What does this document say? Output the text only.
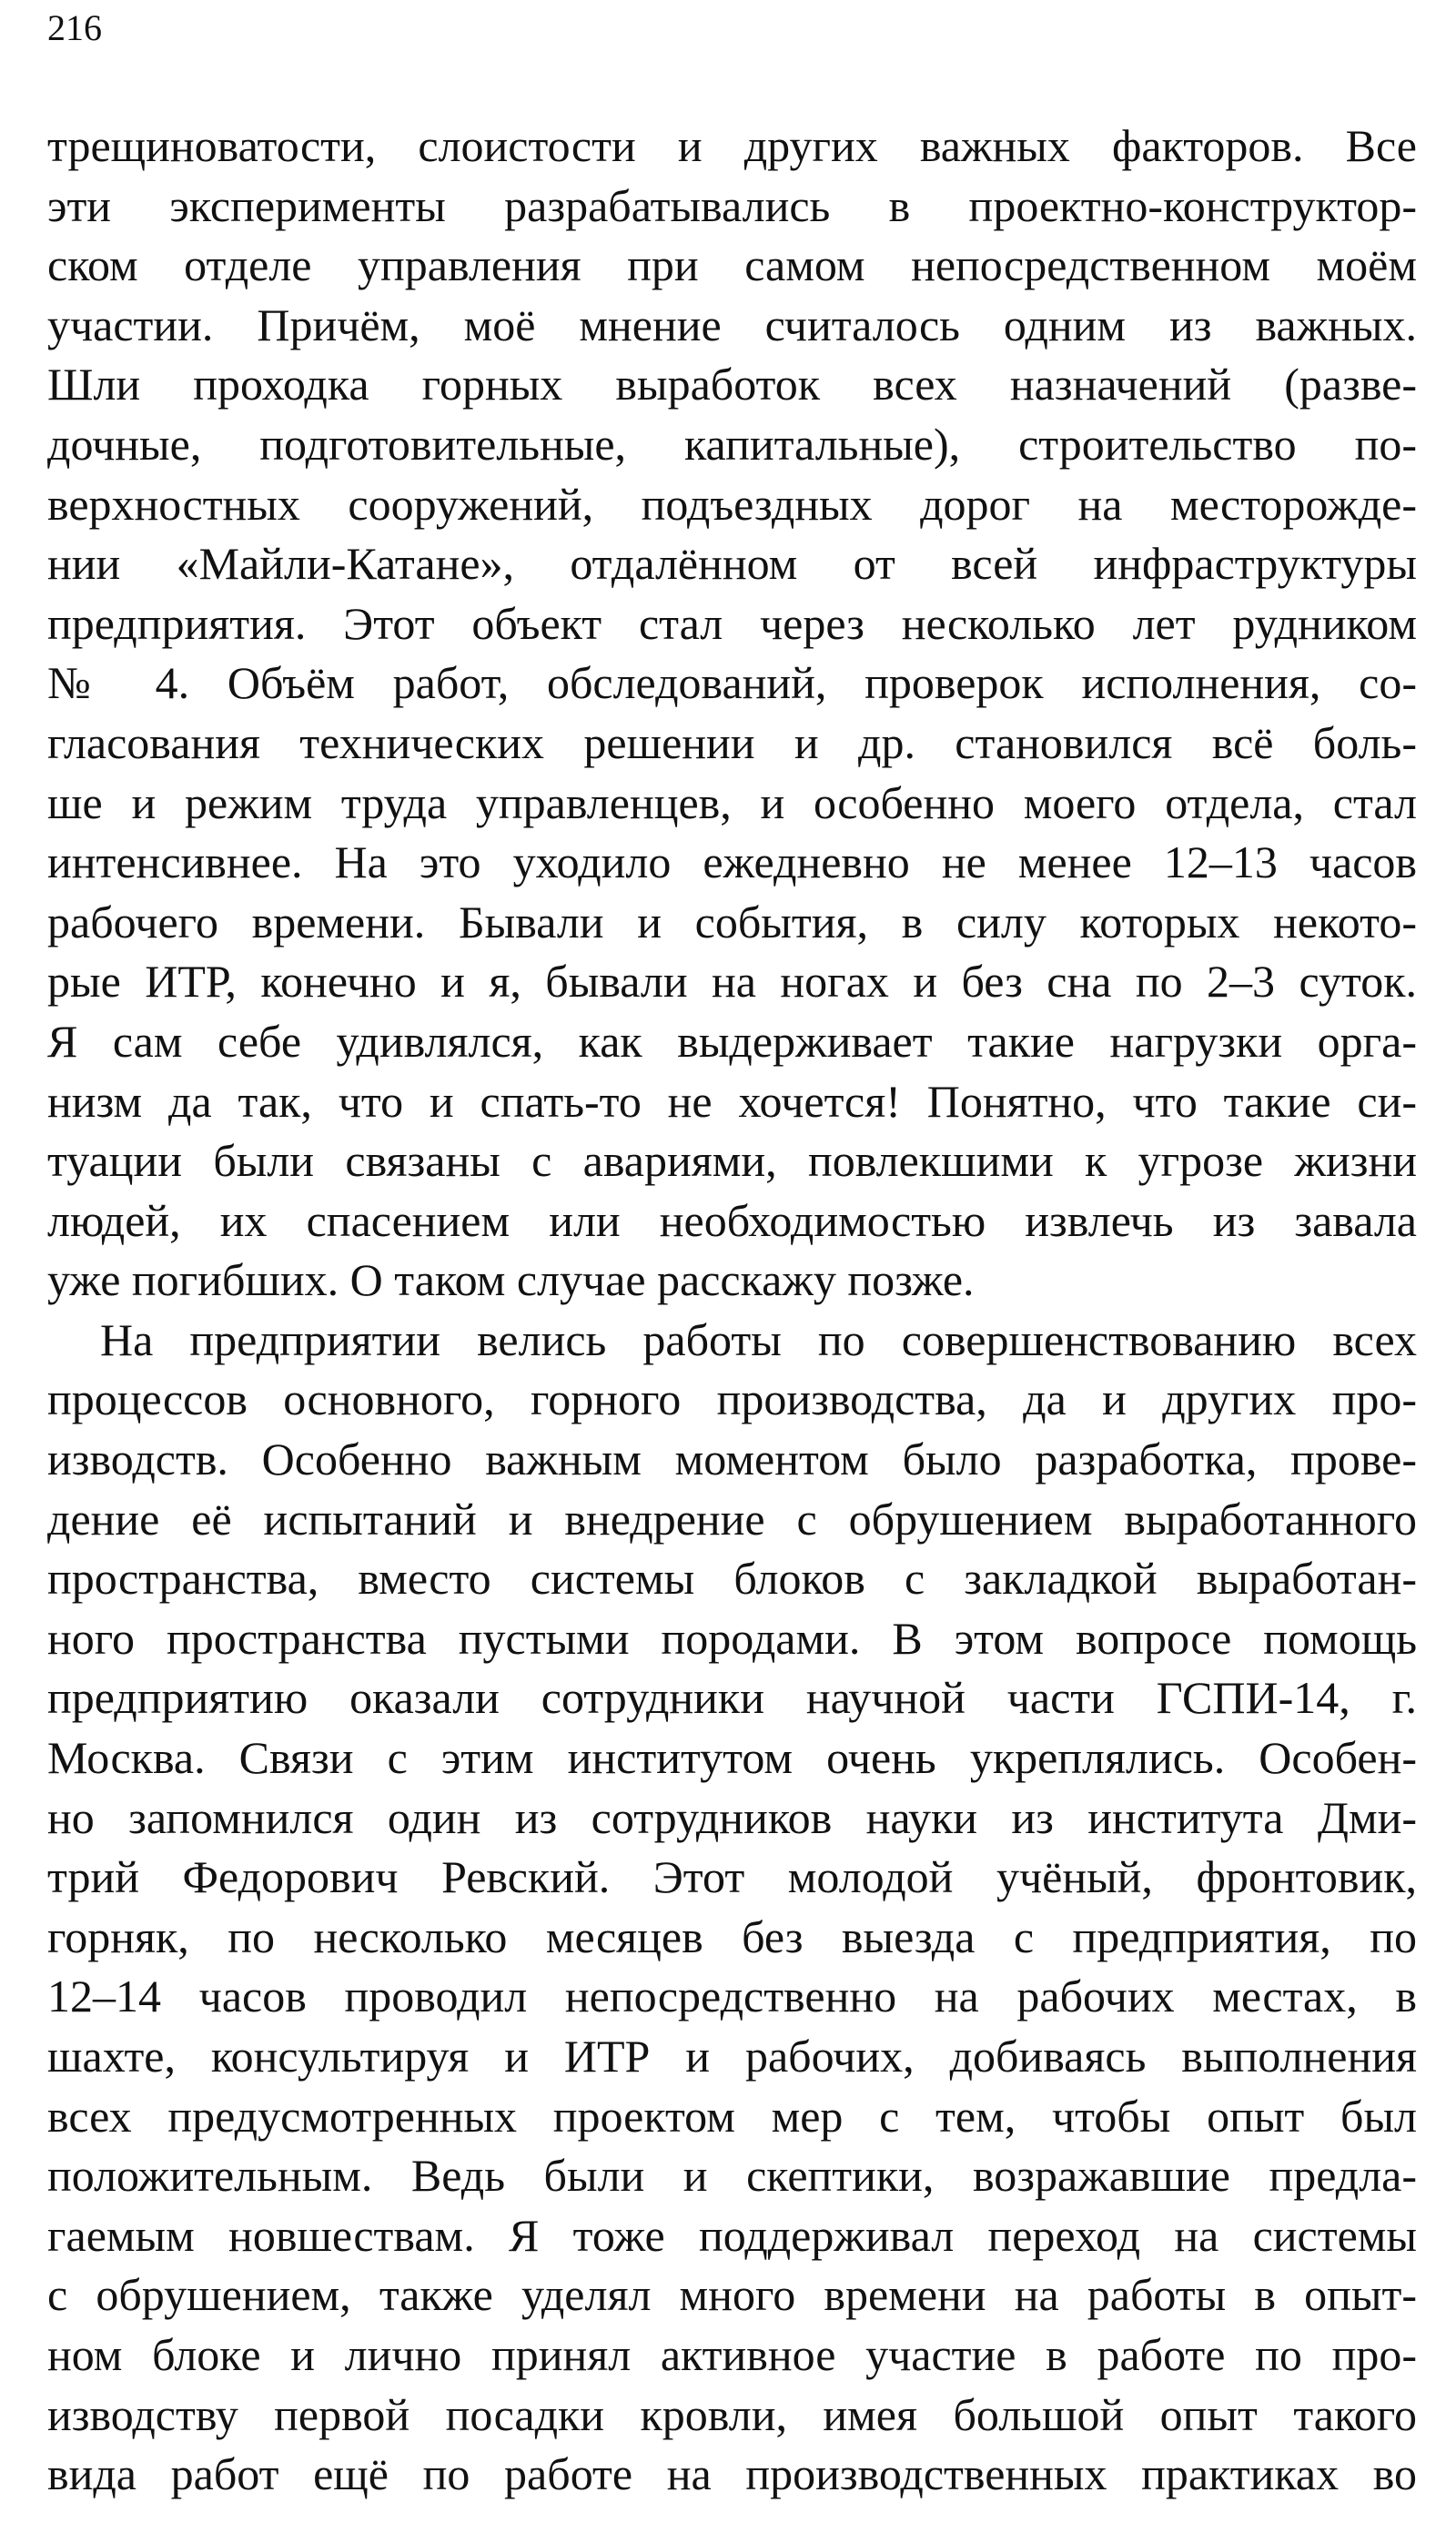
216

трещиноватости, слоистости и других важных факторов. Все
эти эксперименты разрабатывались в проектно-конструктор-
ском отделе управления при самом непосредственном моём
участии. Причём, моё мнение считалось одним из важных.
Шли проходка горных выработок всех назначений (разве-
дочные, подготовительные, капитальные), строительство по-
верхностных сооружений, подъездных дорог на месторожде-
нии «Майли-Катане», отдалённом от всей инфраструктуры
предприятия. Этот объект стал через несколько лет рудником
№ 4. Объём работ, обследований, проверок исполнения, со-
гласования технических решении и др. становился всё боль-
ше и режим труда управленцев, и особенно моего отдела, стал
интенсивнее. На это уходило ежедневно не менее 12–13 часов
рабочего времени. Бывали и события, в силу которых некото-
рые ИТР, конечно и я, бывали на ногах и без сна по 2–3 суток.
Я сам себе удивлялся, как выдерживает такие нагрузки орга-
низм да так, что и спать-то не хочется! Понятно, что такие си-
туации были связаны с авариями, повлекшими к угрозе жизни
людей, их спасением или необходимостью извлечь из завала
уже погибших. О таком случае расскажу позже.
На предприятии велись работы по совершенствованию всех
процессов основного, горного производства, да и других про-
изводств. Особенно важным моментом было разработка, прове-
дение её испытаний и внедрение с обрушением выработанного
пространства, вместо системы блоков с закладкой выработан-
ного пространства пустыми породами. В этом вопросе помощь
предприятию оказали сотрудники научной части ГСПИ-14, г.
Москва. Связи с этим институтом очень укреплялись. Особен-
но запомнился один из сотрудников науки из института Дми-
трий Федорович Ревский. Этот молодой учёный, фронтовик,
горняк, по несколько месяцев без выезда с предприятия, по
12–14 часов проводил непосредственно на рабочих местах, в
шахте, консультируя и ИТР и рабочих, добиваясь выполнения
всех предусмотренных проектом мер с тем, чтобы опыт был
положительным. Ведь были и скептики, возражавшие предла-
гаемым новшествам. Я тоже поддерживал переход на системы
с обрушением, также уделял много времени на работы в опыт-
ном блоке и лично принял активное участие в работе по про-
изводству первой посадки кровли, имея большой опыт такого
вида работ ещё по работе на производственных практиках во
